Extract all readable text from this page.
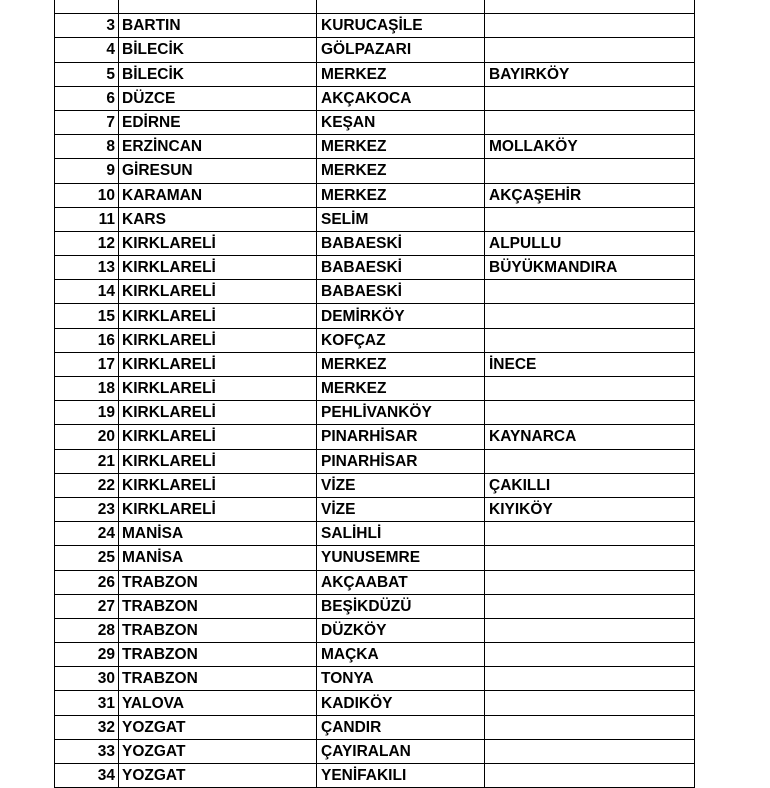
3	BARTIN	KURUCAŞİLE	
4	BİLECİK	GÖLPAZARI	
5	BİLECİK	MERKEZ	BAYIRKÖY
6	DÜZCE	AKÇAKOCA	
7	EDİRNE	KEŞAN	
8	ERZİNCAN	MERKEZ	MOLLAKÖY
9	GİRESUN	MERKEZ	
10	KARAMAN	MERKEZ	AKÇAŞEHİR
11	KARS	SELİM	
12	KIRKLARELİ	BABAESKİ	ALPULLU
13	KIRKLARELİ	BABAESKİ	BÜYÜKMANDIRA
14	KIRKLARELİ	BABAESKİ	
15	KIRKLARELİ	DEMİRKÖY	
16	KIRKLARELİ	KOFÇAZ	
17	KIRKLARELİ	MERKEZ	İNECE
18	KIRKLARELİ	MERKEZ	
19	KIRKLARELİ	PEHLİVANKÖY	
20	KIRKLARELİ	PINARHİSAR	KAYNARCA
21	KIRKLARELİ	PINARHİSAR	
22	KIRKLARELİ	VİZE	ÇAKILLI
23	KIRKLARELİ	VİZE	KIYIKÖY
24	MANİSA	SALİHLİ	
25	MANİSA	YUNUSEMRE	
26	TRABZON	AKÇAABAT	
27	TRABZON	BEŞİKDÜZÜ	
28	TRABZON	DÜZKÖY	
29	TRABZON	MAÇKA	
30	TRABZON	TONYA	
31	YALOVA	KADIKÖY	
32	YOZGAT	ÇANDIR	
33	YOZGAT	ÇAYIRALAN	
34	YOZGAT	YENİFAKILI	
